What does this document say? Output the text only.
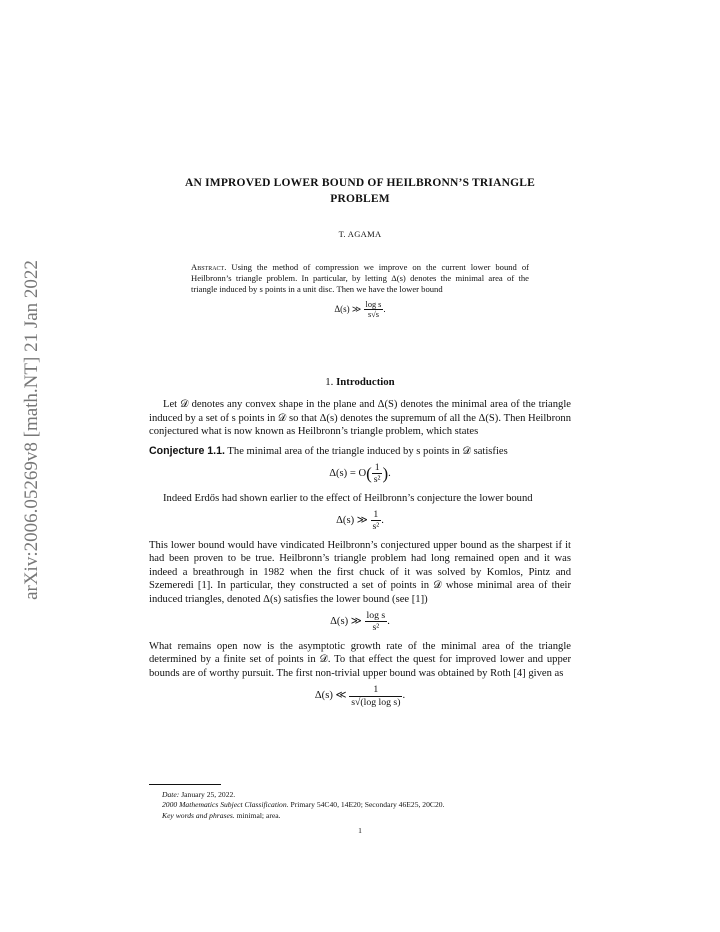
arXiv:2006.05269v8 [math.NT] 21 Jan 2022
AN IMPROVED LOWER BOUND OF HEILBRONN’S TRIANGLE
PROBLEM
T. AGAMA
Abstract. Using the method of compression we improve on the current lower bound of Heilbronn’s triangle problem. In particular, by letting Δ(s) denotes the minimal area of the triangle induced by s points in a unit disc. Then we have the lower bound
Δ(s) ≫ $\frac{\text{log s}}{s√s}$ .
1. Introduction

Let 𝒟 denotes any convex shape in the plane and Δ(S) denotes the minimal area of the triangle induced by a set of s points in 𝒟 so that Δ(s) denotes the supremum of all the Δ(S). Then Heilbronn conjectured what is now known as Heilbronn’s triangle problem, which states

Conjecture 1.1. The minimal area of the triangle induced by s points in 𝒟 satisfies

$\Delta(s) = O( \frac{1}{\text{s²}}$ ).

Indeed Erdős had shown earlier to the effect of Heilbronn’s conjecture the lower bound

Δ(s) ≫ $\frac{1}{\text{s²}}$ .

This lower bound would have vindicated Heilbronn’s conjectured upper bound as the sharpest if it had been proven to be true. Heilbronn’s triangle problem had long remained open and it was indeed a breathrough in 1982 when the first chuck of it was solved by Komlos, Pintz and Szemeredi [1]. In particular, they constructed a set of points in 𝒟 whose minimal area of their induced triangles, denoted Δ(s) satisfies the lower bound (see [1])

Δ(s) ≫ $\frac{\text{log s}}{\text{s²}}$ .

What remains open now is the asymptotic growth rate of the minimal area of the triangle determined by a finite set of points in 𝒟. To that effect the quest for improved lower and upper bounds are of worthy pursuit. The first non-trivial upper bound was obtained by Roth [4] given as

Δ(s) ≪ $\frac{1}{\text{s√(log log s)}}$ .
Date: January 25, 2022.
2000 Mathematics Subject Classification. Primary 54C40, 14E20; Secondary 46E25, 20C20.
Key words and phrases. minimal; area.
1
